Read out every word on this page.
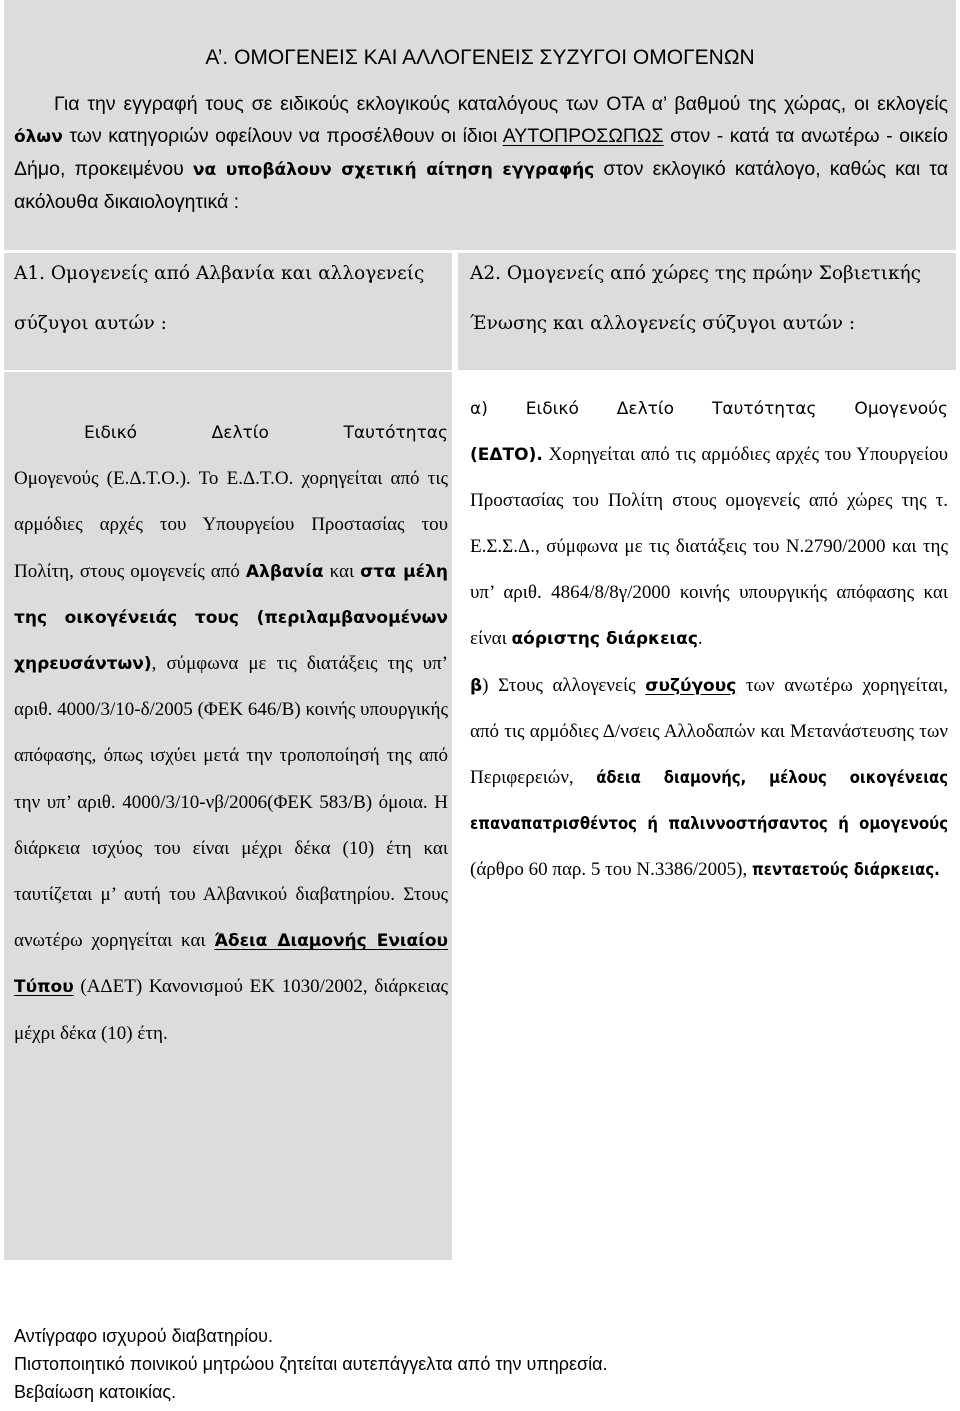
Α’. ΟΜΟΓΕΝΕΙΣ ΚΑΙ ΑΛΛΟΓΕΝΕΙΣ ΣΥΖΥΓΟΙ ΟΜΟΓΕΝΩΝ

Για την εγγραφή τους σε ειδικούς εκλογικούς καταλόγους των ΟΤΑ α’ βαθμού της χώρας, οι εκλογείς όλων των κατηγοριών οφείλουν να προσέλθουν οι ίδιοι ΑΥΤΟΠΡΟΣΩΠΩΣ στον - κατά τα ανωτέρω - οικείο Δήμο, προκειμένου να υποβάλουν σχετική αίτηση εγγραφής στον εκλογικό κατάλογο, καθώς και τα ακόλουθα δικαιολογητικά :

Α1. Ομογενείς από Αλβανία και αλλογενείς
σύζυγοι αυτών :
Α2. Ομογενείς από χώρες της πρώην Σοβιετικής
Ένωσης και αλλογενείς σύζυγοι αυτών :

Ειδικό Δελτίο Ταυτότητας
Ομογενούς (Ε.Δ.Τ.Ο.). Το Ε.Δ.Τ.Ο. χορηγείται από τις αρμόδιες αρχές του Υπουργείου Προστασίας του Πολίτη, στους ομογενείς από Αλβανία και στα μέλη της οικογένειάς τους (περιλαμβανομένων χηρευσάντων), σύμφωνα με τις διατάξεις της υπ’ αριθ. 4000/3/10-δ/2005 (ΦΕΚ 646/Β) κοινής υπουργικής απόφασης, όπως ισχύει μετά την τροποποίησή της από την υπ’ αριθ. 4000/3/10-νβ/2006(ΦΕΚ 583/Β) όμοια. Η διάρκεια ισχύος του είναι μέχρι δέκα (10) έτη και ταυτίζεται μ’ αυτή του Αλβανικού διαβατηρίου. Στους ανωτέρω χορηγείται και Άδεια Διαμονής Ενιαίου Τύπου (ΑΔΕΤ) Κανονισμού ΕΚ 1030/2002, διάρκειας μέχρι δέκα (10) έτη.

α) Ειδικό Δελτίο Ταυτότητας Ομογενούς
(ΕΔΤΟ). Χορηγείται από τις αρμόδιες αρχές του Υπουργείου Προστασίας του Πολίτη στους ομογενείς από χώρες της τ. Ε.Σ.Σ.Δ., σύμφωνα με τις διατάξεις του Ν.2790/2000 και της υπ’ αριθ. 4864/8/8γ/2000 κοινής υπουργικής απόφασης και είναι αόριστης διάρκειας.

β) Στους αλλογενείς συζύγους των ανωτέρω χορηγείται, από τις αρμόδιες Δ/νσεις Αλλοδαπών και Μετανάστευσης των Περιφερειών, άδεια διαμονής, μέλους οικογένειας επαναπατρισθέντος ή παλιννοστήσαντος ή ομογενούς (άρθρο 60 παρ. 5 του Ν.3386/2005), πενταετούς διάρκειας.

Αντίγραφο ισχυρού διαβατηρίου.
Πιστοποιητικό ποινικού μητρώου ζητείται αυτεπάγγελτα από την υπηρεσία.
Βεβαίωση κατοικίας.
